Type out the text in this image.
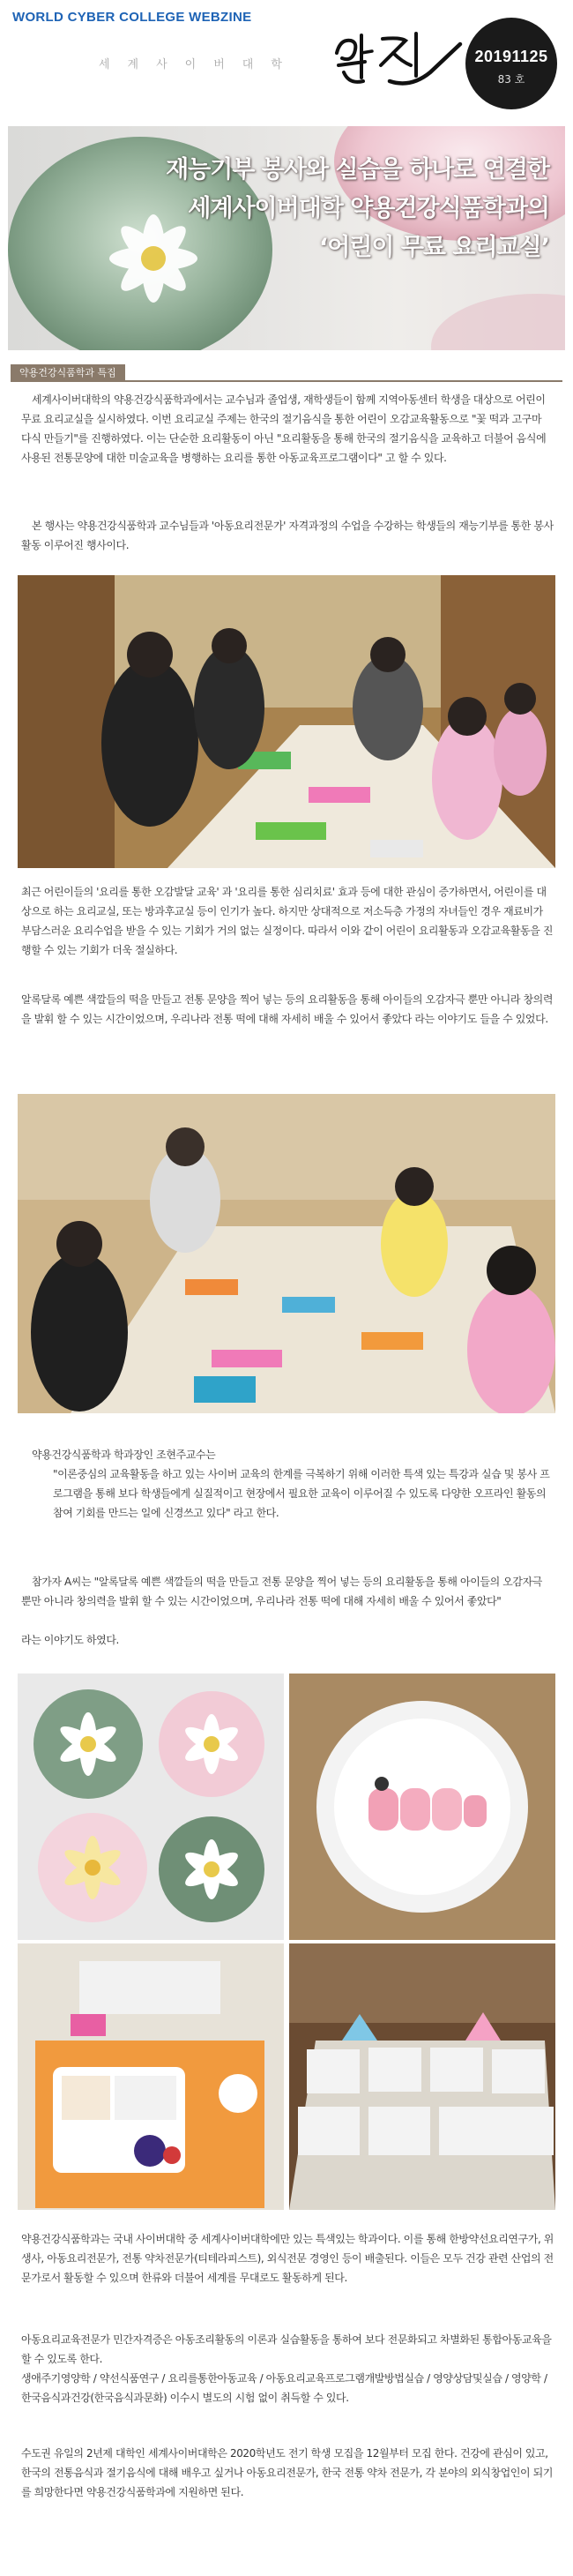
WORLD CYBER COLLEGE WEBZINE
세계사이버대학	20191125
83 호
재능기부 봉사와 실습을 하나로 연결한
세계사이버대학 약용건강식품학과의
‘어린이 무료 요리교실’
약용건강식품학과 특집
세계사이버대학의 약용건강식품학과에서는 교수님과 졸업생, 재학생들이 함께 지역아동센터 학생을 대상으로 어린이 무료 요리교실을 실시하였다. 이번 요리교실 주제는 한국의 절기음식을 통한 어린이 오감교육활동으로 "꽃 떡과 고구마 다식 만들기"를 진행하였다. 이는 단순한 요리활동이 아닌 "요리활동을 통해 한국의 절기음식을 교육하고 더불어 음식에 사용된 전통문양에 대한 미술교육을 병행하는 요리를 통한 아동교육프로그램이다" 고 할 수 있다.
본 행사는 약용건강식품학과 교수님들과 '아동요리전문가' 자격과정의 수업을 수강하는 학생들의 재능기부를 통한 봉사활동 이루어진 행사이다.
최근 어린이들의 '요리를 통한 오감발달 교육' 과 '요리를 통한 심리치료' 효과 등에 대한 관심이 증가하면서, 어린이를 대상으로 하는 요리교실, 또는 방과후교실 등이 인기가 높다. 하지만 상대적으로 저소득층 가정의 자녀들인 경우 재료비가 부담스러운 요리수업을 받을 수 있는 기회가 거의 없는 실정이다. 따라서 이와 같이 어린이 요리활동과 오감교육활동을 진행할 수 있는 기회가 더욱 절실하다.
알록달록 예쁜 색깔들의 떡을 만들고 전통 문양을 찍어 넣는 등의 요리활동을 통해 아이들의 오감자극 뿐만 아니라 창의력을 발휘 할 수 있는 시간이었으며, 우리나라 전통 떡에 대해 자세히 배울 수 있어서 좋았다 라는 이야기도 들을 수 있었다.
약용건강식품학과 학과장인 조현주교수는
"이론중심의 교육활동을 하고 있는 사이버 교육의 한계를 극복하기 위해 이러한 특색 있는 특강과 실습 및 봉사 프로그램을 통해 보다 학생들에게 실질적이고 현장에서 필요한 교육이 이루어질 수 있도록 다양한 오프라인 활동의 참여 기회를 만드는 일에 신경쓰고 있다" 라고 한다.
참가자 A씨는 "알록달록 예쁜 색깔들의 떡을 만들고 전통 문양을 찍어 넣는 등의 요리활동을 통해 아이들의 오감자극 뿐만 아니라 창의력을 발휘 할 수 있는 시간이었으며, 우리나라 전통 떡에 대해 자세히 배울 수 있어서 좋았다"
라는 이야기도 하였다.
약용건강식품학과는 국내 사이버대학 중 세계사이버대학에만 있는 특색있는 학과이다. 이를 통해 한방약선요리연구가, 위생사, 아동요리전문가, 전통 약차전문가(티테라피스트), 외식전문 경영인 등이 배출된다. 이들은 모두 건강 관련 산업의 전문가로서 활동할 수 있으며 한류와 더불어 세계를 무대로도 활동하게 된다.
아동요리교육전문가 민간자격증은 아동조리활동의 이론과 실습활동을 통하여 보다 전문화되고 차별화된 통합아동교육을 할 수 있도록 한다.
생애주기영양학 / 약선식품연구 / 요리를통한아동교육 / 아동요리교육프로그램개발방법실습 / 영양상담및실습 / 영양학 /한국음식과건강(한국음식과문화) 이수시 별도의 시험 없이 취득할 수 있다.
수도권 유일의 2년제 대학인 세계사이버대학은 2020학년도 전기 학생 모집을 12월부터 모집 한다. 건강에 관심이 있고, 한국의 전통음식과 절기음식에 대해 배우고 싶거나 아동요리전문가, 한국 전통 약차 전문가, 각 분야의 외식창업인이 되기를 희망한다면 약용건강식품학과에 지원하면 된다.
